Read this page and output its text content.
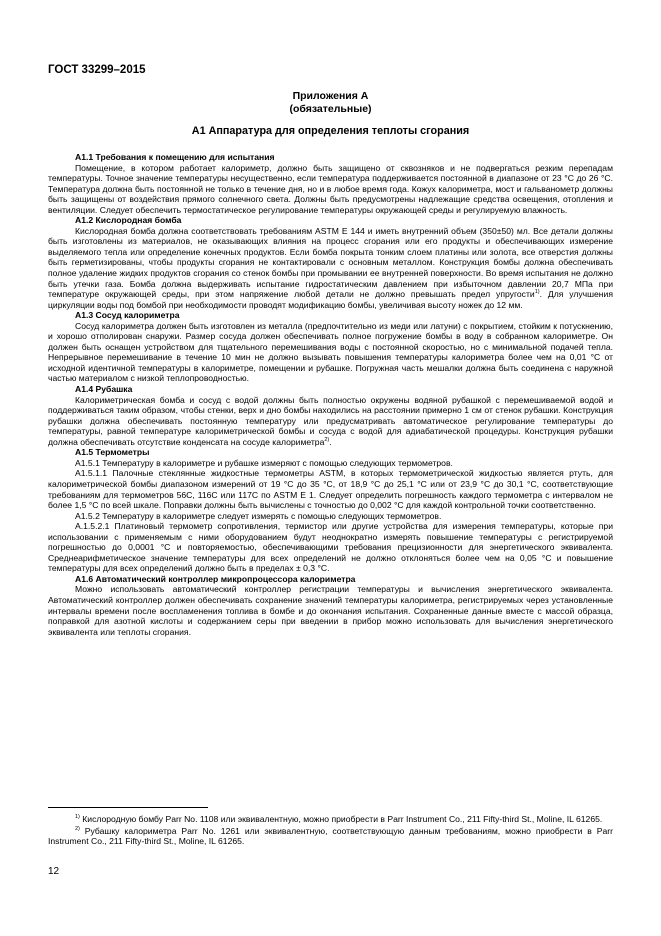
ГОСТ 33299–2015
Приложения А
(обязательные)
А1 Аппаратура для определения теплоты сгорания
А1.1 Требования к помещению для испытания

Помещение, в котором работает калориметр, должно быть защищено от сквозняков и не подвергаться резким перепадам температуры. Точное значение температуры несущественно, если температура поддерживается постоянной в диапазоне от 23 °С до 26 °С. Температура должна быть постоянной не только в течение дня, но и в любое время года. Кожух калориметра, мост и гальванометр должны быть защищены от воздействия прямого солнечного света. Должны быть предусмотрены надлежащие средства освещения, отопления и вентиляции. Следует обеспечить термостатическое регулирование температуры окружающей среды и регулируемую влажность.

А1.2 Кислородная бомба

Кислородная бомба должна соответствовать требованиям ASTM Е 144 и иметь внутренний объем (350±50) мл. Все детали должны быть изготовлены из материалов, не оказывающих влияния на процесс сгорания или его продукты и обеспечивающих измерение выделяемого тепла или определение конечных продуктов. Если бомба покрыта тонким слоем платины или золота, все отверстия должны быть герметизированы, чтобы продукты сгорания не контактировали с основным металлом. Конструкция бомбы должна обеспечивать полное удаление жидких продуктов сгорания со стенок бомбы при промывании ее внутренней поверхности. Во время испытания не должно быть утечки газа. Бомба должна выдерживать испытание гидростатическим давлением при избыточном давлении 20,7 МПа при температуре окружающей среды, при этом напряжение любой детали не должно превышать предел упругости$^{1)}$. Для улучшения циркуляции воды под бомбой при необходимости проводят модификацию бомбы, увеличивая высоту ножек до 12 мм.

А1.3 Сосуд калориметра

Сосуд калориметра должен быть изготовлен из металла (предпочтительно из меди или латуни) с покрытием, стойким к потускнению, и хорошо отполирован снаружи. Размер сосуда должен обеспечивать полное погружение бомбы в воду в собранном калориметре. Он должен быть оснащен устройством для тщательного перемешивания воды с постоянной скоростью, но с минимальной подачей тепла. Непрерывное перемешивание в течение 10 мин не должно вызывать повышения температуры калориметра более чем на 0,01 °С от исходной идентичной температуры в калориметре, помещении и рубашке. Погружная часть мешалки должна быть соединена с наружной частью материалом с низкой теплопроводностью.

А1.4 Рубашка

Калориметрическая бомба и сосуд с водой должны быть полностью окружены водяной рубашкой с перемешиваемой водой и поддерживаться таким образом, чтобы стенки, верх и дно бомбы находились на расстоянии примерно 1 см от стенок рубашки. Конструкция рубашки должна обеспечивать постоянную температуру или предусматривать автоматическое регулирование температуры до температуры, равной температуре калориметрической бомбы и сосуда с водой для адиабатической процедуры. Конструкция рубашки должна обеспечивать отсутствие конденсата на сосуде калориметра$^{2)}$.

А1.5 Термометры

А1.5.1 Температуру в калориметре и рубашке измеряют с помощью следующих термометров.

А1.5.1.1 Палочные стеклянные жидкостные термометры ASTM, в которых термометрической жидкостью является ртуть, для калориметрической бомбы диапазоном измерений от 19 °С до 35 °С, от 18,9 °С до 25,1 °С или от 23,9 °С до 30,1 °С, соответствующие требованиям для термометров 56С, 116С или 117С по ASTM Е 1. Следует определить погрешность каждого термометра с интервалом не более 1,5 °С по всей шкале. Поправки должны быть вычислены с точностью до 0,002 °С для каждой контрольной точки соответственно.

А1.5.2 Температуру в калориметре следует измерять с помощью следующих термометров.

А.1.5.2.1 Платиновый термометр сопротивления, термистор или другие устройства для измерения температуры, которые при использовании с применяемым с ними оборудованием будут неоднократно измерять повышение температуры с регистрируемой погрешностью до 0,0001 °С и повторяемостью, обеспечивающими требования прецизионности для энергетического эквивалента. Среднеарифметическое значение температуры для всех определений не должно отклоняться более чем на 0,05 °С и повышение температуры для всех определений должно быть в пределах ± 0,3 °С.

А1.6 Автоматический контроллер микропроцессора калориметра

Можно использовать автоматический контроллер регистрации температуры и вычисления энергетического эквивалента. Автоматический контроллер должен обеспечивать сохранение значений температуры калориметра, регистрируемых через установленные интервалы времени после воспламенения топлива в бомбе и до окончания испытания. Сохраненные данные вместе с массой образца, поправкой для азотной кислоты и содержанием серы при введении в прибор можно использовать для вычисления энергетического эквивалента или теплоты сгорания.

$^{1)}$ Кислородную бомбу Parr No. 1108 или эквивалентную, можно приобрести в Parr Instrument Co., 211 Fifty-third St., Moline, IL 61265.

$^{2)}$ Рубашку калориметра Parr No. 1261 или эквивалентную, соответствующую данным требованиям, можно приобрести в Parr Instrument Co., 211 Fifty-third St., Moline, IL 61265.

12
